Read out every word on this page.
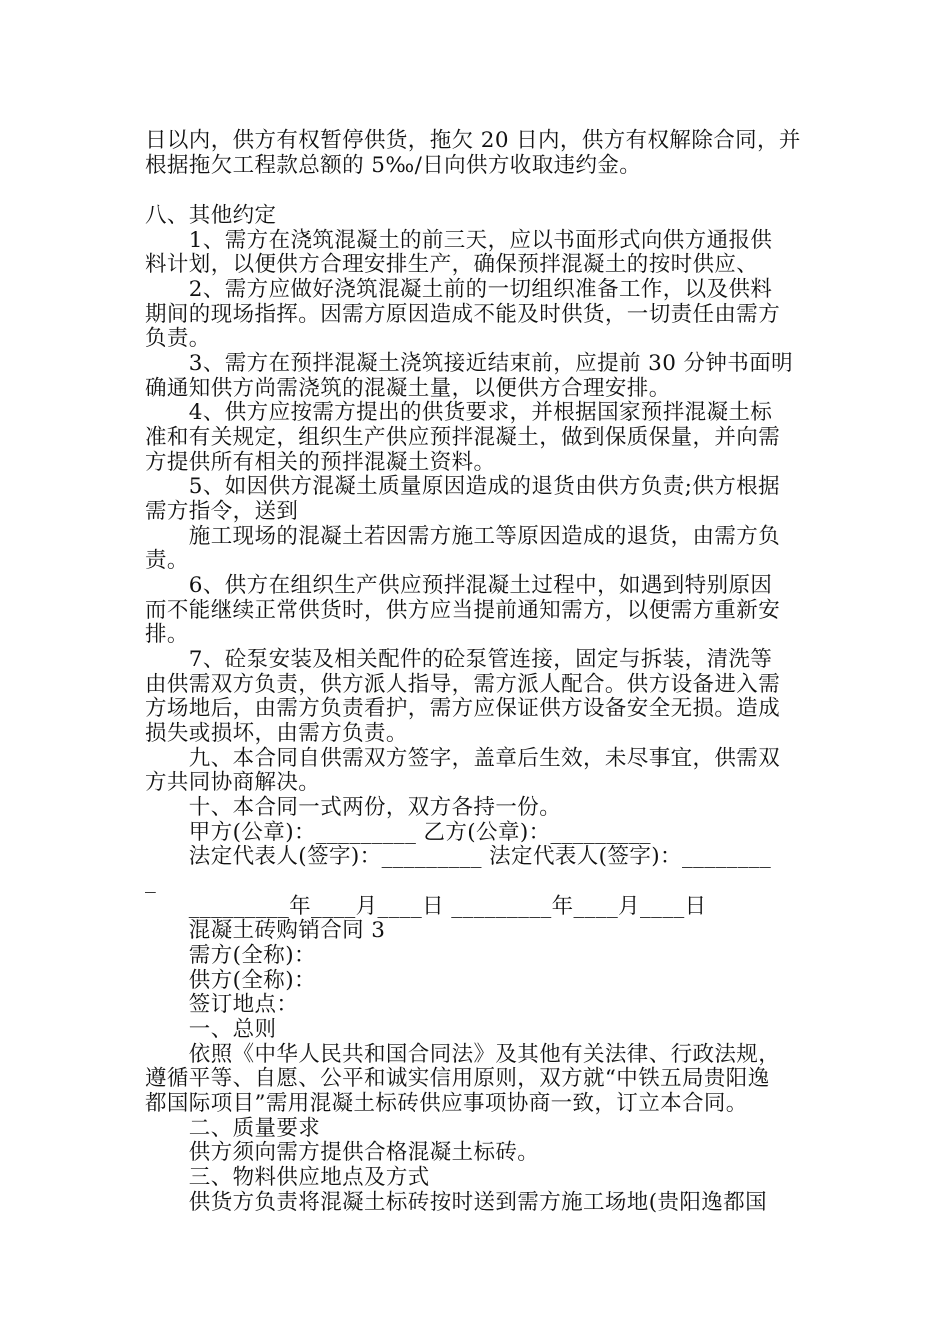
日以内，供方有权暂停供货，拖欠 20 日内，供方有权解除合同，并
根据拖欠工程款总额的 5‰/日向供方收取违约金。
八、其他约定
　　1、需方在浇筑混凝土的前三天，应以书面形式向供方通报供
料计划，以便供方合理安排生产，确保预拌混凝土的按时供应、
　　2、需方应做好浇筑混凝土前的一切组织准备工作，以及供料
期间的现场指挥。因需方原因造成不能及时供货，一切责任由需方
负责。
　　3、需方在预拌混凝土浇筑接近结束前，应提前 30 分钟书面明
确通知供方尚需浇筑的混凝土量，以便供方合理安排。
　　4、供方应按需方提出的供货要求，并根据国家预拌混凝土标
准和有关规定，组织生产供应预拌混凝土，做到保质保量，并向需
方提供所有相关的预拌混凝土资料。
　　5、如因供方混凝土质量原因造成的退货由供方负责;供方根据
需方指令，送到
　　施工现场的混凝土若因需方施工等原因造成的退货，由需方负
责。
　　6、供方在组织生产供应预拌混凝土过程中，如遇到特别原因
而不能继续正常供货时，供方应当提前通知需方，以便需方重新安
排。
　　7、砼泵安装及相关配件的砼泵管连接，固定与拆装，清洗等
由供需双方负责，供方派人指导，需方派人配合。供方设备进入需
方场地后，由需方负责看护，需方应保证供方设备安全无损。造成
损失或损坏，由需方负责。
　　九、本合同自供需双方签字，盖章后生效，未尽事宜，供需双
方共同协商解决。
　　十、本合同一式两份，双方各持一份。
　　甲方(公章)：_________ 乙方(公章)：_________
　　法定代表人(签字)：_________ 法定代表人(签字)：________
_
　　_________年____月____日 _________年____月____日
　　混凝土砖购销合同 3
　　需方(全称)：
　　供方(全称)：
　　签订地点：
　　一、总则
　　依照《中华人民共和国合同法》及其他有关法律、行政法规，
遵循平等、自愿、公平和诚实信用原则，双方就“中铁五局贵阳逸
都国际项目”需用混凝土标砖供应事项协商一致，订立本合同。
　　二、质量要求
　　供方须向需方提供合格混凝土标砖。
　　三、物料供应地点及方式
　　供货方负责将混凝土标砖按时送到需方施工场地(贵阳逸都国
